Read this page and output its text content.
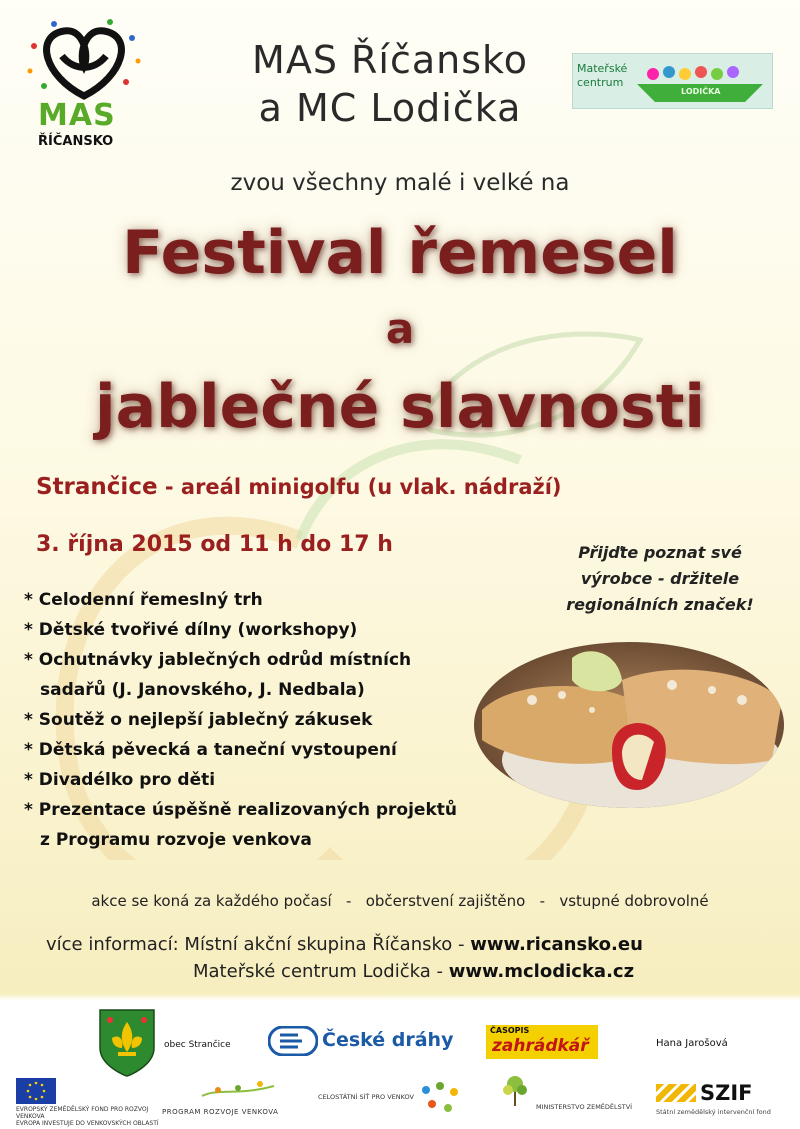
MAS
ŘÍČANSKO
MAS Říčansko
a MC Lodička
Mateřské
centrum
LODIČKA
zvou všechny malé i velké na
Festival řemesel
a
jablečné slavnosti
Strančice - areál minigolfu (u vlak. nádraží)
3. října 2015 od 11 h do 17 h	Přijďte poznat své
výrobce - držitele
regionálních značek!
* Celodenní řemeslný trh
* Dětské tvořivé dílny (workshopy)
* Ochutnávky jablečných odrůd místních
sadařů (J. Janovského, J. Nedbala)
* Soutěž o nejlepší jablečný zákusek
* Dětská pěvecká a taneční vystoupení
* Divadélko pro děti
* Prezentace úspěšně realizovaných projektů
z Programu rozvoje venkova
akce se koná za každého počasí   -   občerstvení zajištěno   -   vstupné dobrovolné
více informací: Místní akční skupina Říčansko - www.ricansko.eu
Mateřské centrum Lodička - www.mclodicka.cz
obec Strančice	České dráhy	ČASOPIS
zahrádkář	Hana Jarošová
EVROPSKÝ ZEMĚDĚLSKÝ FOND PRO ROZVOJ VENKOVA
EVROPA INVESTUJE DO VENKOVSKÝCH OBLASTÍ
PROGRAM ROZVOJE VENKOVA
CELOSTÁTNÍ SÍŤ PRO VENKOV
MINISTERSTVO ZEMĚDĚLSTVÍ
SZIF
Státní zemědělský intervenční fond
